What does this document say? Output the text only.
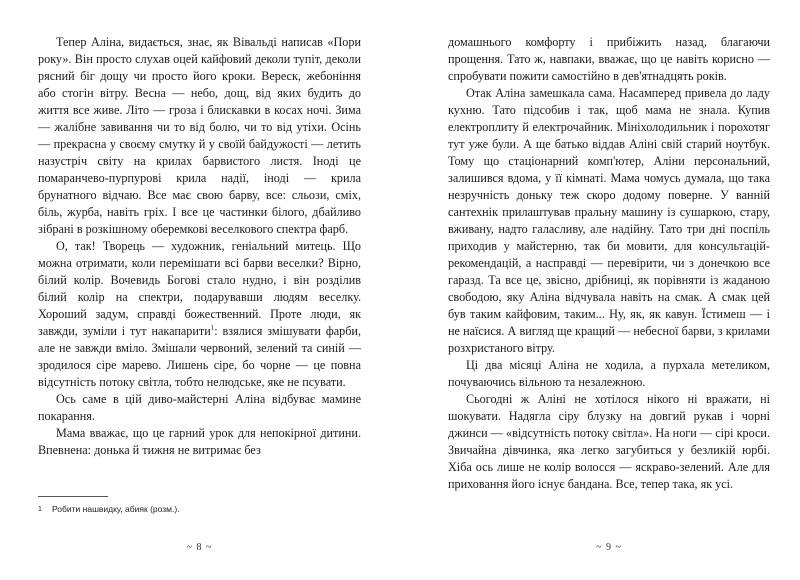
Тепер Аліна, видається, знає, як Вівальді написав «Пори року». Він просто слухав оцей кайфовий деколи тупіт, деколи рясний біг дощу чи просто його кроки. Вереск, жебоніння або стогін вітру. Весна — небо, дощ, від яких будить до життя все живе. Літо — гроза і блискавки в косах ночі. Зима — жалібне завивання чи то від болю, чи то від утіхи. Осінь — прекрасна у своєму смутку й у своїй байдужості — летить назустріч світу на крилах барвистого листя. Іноді це помаранчево-пурпурові крила надії, іноді — крила брунатного відчаю. Все має свою барву, все: сльози, сміх, біль, журба, навіть гріх. І все це частинки білого, дбайливо зібрані в розкішному оберемкові веселкового спектра фарб.

О, так! Творець — художник, геніальний митець. Що можна отримати, коли перемішати всі барви веселки? Вірно, білий колір. Вочевидь Богові стало нудно, і він розділив білий колір на спектри, подарувавши людям веселку. Хороший задум, справді божественний. Проте люди, як завжди, зуміли і тут накапарити$^1$: взялися змішувати фарби, але не завжди вміло. Змішали червоний, зелений та синій — зродилося сіре марево. Лишень сіре, бо чорне — це повна відсутність потоку світла, тобто нелюдське, яке не псувати.

Ось саме в цій диво-майстерні Аліна відбуває мамине покарання.

Мама вважає, що це гарний урок для непокірної дитини. Впевнена: донька й тижня не витримає без

1 Робити нашвидку, абияк (розм.).
~ 8 ~

домашнього комфорту і прибіжить назад, благаючи прощення. Тато ж, навпаки, вважає, що це навіть корисно — спробувати пожити самостійно в дев'ятнадцять років.

Отак Аліна замешкала сама. Насамперед привела до ладу кухню. Тато підсобив і так, щоб мама не знала. Купив електроплиту й електрочайник. Мініхолодильник і порохотяг тут уже були. А ще батько віддав Аліні свій старий ноутбук. Тому що стаціонарний комп'ютер, Аліни персональний, залишився вдома, у її кімнаті. Мама чомусь думала, що така незручність доньку теж скоро додому поверне. У ванній сантехнік прилаштував пральну машину із сушаркою, стару, вживану, надто галасливу, але надійну. Тато три дні поспіль приходив у майстерню, так би мовити, для консультацій-рекомендацій, а насправді — перевірити, чи з донечкою все гаразд. Та все це, звісно, дрібниці, як порівняти із жаданою свободою, яку Аліна відчувала навіть на смак. А смак цей був таким кайфовим, таким... Ну, як, як кавун. Їстимеш — і не наїсися. А вигляд ще кращий — небесної барви, з крилами розхристаного вітру.

Ці два місяці Аліна не ходила, а пурхала метеликом, почуваючись вільною та незалежною.

Сьогодні ж Аліні не хотілося нікого ні вражати, ні шокувати. Надягла сіру блузку на довгий рукав і чорні джинси — «відсутність потоку світла». На ноги — сірі кроси. Звичайна дівчинка, яка легко загубиться у безликій юрбі. Хіба ось лише не колір волосся — яскраво-зелений. Але для приховання його існує бандана. Все, тепер така, як усі.

~ 9 ~
